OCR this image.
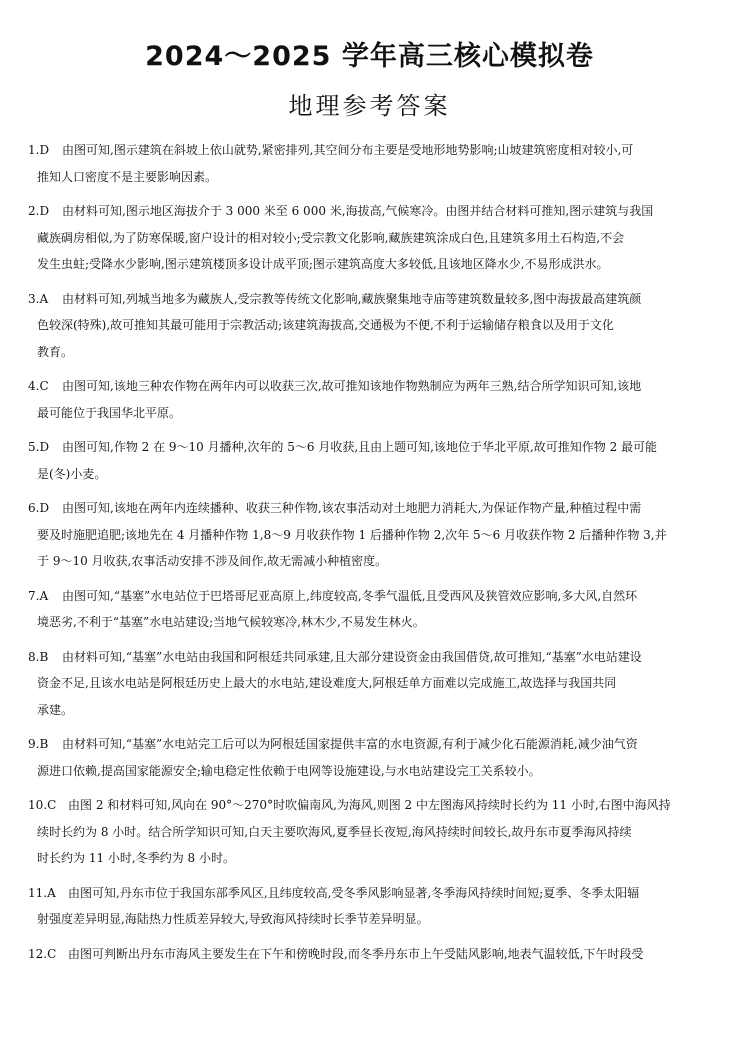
2024～2025 学年高三核心模拟卷
地理参考答案
1.D 由图可知,图示建筑在斜坡上依山就势,紧密排列,其空间分布主要是受地形地势影响;山坡建筑密度相对较小,可
推知人口密度不是主要影响因素。
2.D 由材料可知,图示地区海拔介于 3 000 米至 6 000 米,海拔高,气候寒冷。由图并结合材料可推知,图示建筑与我国
藏族碉房相似,为了防寒保暖,窗户设计的相对较小;受宗教文化影响,藏族建筑涂成白色,且建筑多用土石构造,不会
发生虫蛀;受降水少影响,图示建筑楼顶多设计成平顶;图示建筑高度大多较低,且该地区降水少,不易形成洪水。
3.A 由材料可知,列城当地多为藏族人,受宗教等传统文化影响,藏族聚集地寺庙等建筑数量较多,图中海拔最高建筑颜
色较深(特殊),故可推知其最可能用于宗教活动;该建筑海拔高,交通极为不便,不利于运输储存粮食以及用于文化
教育。
4.C 由图可知,该地三种农作物在两年内可以收获三次,故可推知该地作物熟制应为两年三熟,结合所学知识可知,该地
最可能位于我国华北平原。
5.D 由图可知,作物 2 在 9～10 月播种,次年的 5～6 月收获,且由上题可知,该地位于华北平原,故可推知作物 2 最可能
是(冬)小麦。
6.D 由图可知,该地在两年内连续播种、收获三种作物,该农事活动对土地肥力消耗大,为保证作物产量,种植过程中需
要及时施肥追肥;该地先在 4 月播种作物 1,8～9 月收获作物 1 后播种作物 2,次年 5～6 月收获作物 2 后播种作物 3,并
于 9～10 月收获,农事活动安排不涉及间作,故无需减小种植密度。
7.A 由图可知,“基塞”水电站位于巴塔哥尼亚高原上,纬度较高,冬季气温低,且受西风及狭管效应影响,多大风,自然环
境恶劣,不利于“基塞”水电站建设;当地气候较寒冷,林木少,不易发生林火。
8.B 由材料可知,“基塞”水电站由我国和阿根廷共同承建,且大部分建设资金由我国借贷,故可推知,“基塞”水电站建设
资金不足,且该水电站是阿根廷历史上最大的水电站,建设难度大,阿根廷单方面难以完成施工,故选择与我国共同
承建。
9.B 由材料可知,“基塞”水电站完工后可以为阿根廷国家提供丰富的水电资源,有利于减少化石能源消耗,减少油气资
源进口依赖,提高国家能源安全;输电稳定性依赖于电网等设施建设,与水电站建设完工关系较小。
10.C 由图 2 和材料可知,风向在 90°～270°时吹偏南风,为海风,则图 2 中左图海风持续时长约为 11 小时,右图中海风持
续时长约为 8 小时。结合所学知识可知,白天主要吹海风,夏季昼长夜短,海风持续时间较长,故丹东市夏季海风持续
时长约为 11 小时,冬季约为 8 小时。
11.A 由图可知,丹东市位于我国东部季风区,且纬度较高,受冬季风影响显著,冬季海风持续时间短;夏季、冬季太阳辐
射强度差异明显,海陆热力性质差异较大,导致海风持续时长季节差异明显。
12.C 由图可判断出丹东市海风主要发生在下午和傍晚时段,而冬季丹东市上午受陆风影响,地表气温较低,下午时段受
